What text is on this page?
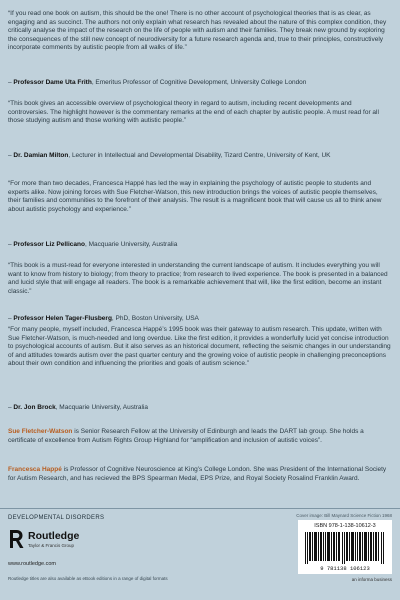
“If you read one book on autism, this should be the one! There is no other account of psychological theories that is as clear, as engaging and as succinct. The authors not only explain what research has revealed about the nature of this complex condition, they critically analyse the impact of the research on the life of people with autism and their families. They break new ground by exploring the consequences of the still new concept of neurodiversity for a future research agenda and, true to their principles, constructively incorporate comments by autistic people from all walks of life.”
– Professor Dame Uta Frith, Emeritus Professor of Cognitive Development, University College London
“This book gives an accessible overview of psychological theory in regard to autism, including recent developments and controversies. The highlight however is the commentary remarks at the end of each chapter by autistic people. A must read for all those studying autism and those working with autistic people.”
– Dr. Damian Milton, Lecturer in Intellectual and Developmental Disability, Tizard Centre, University of Kent, UK
“For more than two decades, Francesca Happé has led the way in explaining the psychology of autistic people to students and experts alike. Now joining forces with Sue Fletcher-Watson, this new introduction brings the voices of autistic people themselves, their families and communities to the forefront of their analysis. The result is a magnificent book that will cause us all to think anew about autistic psychology and experience.”
– Professor Liz Pellicano, Macquarie University, Australia
“This book is a must-read for everyone interested in understanding the current landscape of autism. It includes everything you will want to know from history to biology; from theory to practice; from research to lived experience. The book is presented in a balanced and lucid style that will engage all readers. The book is a remarkable achievement that will, like the first edition, become an instant classic.”
– Professor Helen Tager-Flusberg, PhD, Boston University, USA
“For many people, myself included, Francesca Happé’s 1995 book was their gateway to autism research. This update, written with Sue Fletcher-Watson, is much-needed and long overdue. Like the first edition, it provides a wonderfully lucid yet concise introduction to psychological accounts of autism. But it also serves as an historical document, reflecting the seismic changes in our understanding of and attitudes towards autism over the past quarter century and the growing voice of autistic people in challenging preconceptions about their own condition and influencing the priorities and goals of autism science.”
– Dr. Jon Brock, Macquarie University, Australia
Sue Fletcher-Watson is Senior Research Fellow at the University of Edinburgh and leads the DART lab group. She holds a certificate of excellence from Autism Rights Group Highland for “amplification and inclusion of autistic voices”.
Francesca Happé is Professor of Cognitive Neuroscience at King’s College London. She was President of the International Society for Autism Research, and has recieved the BPS Spearman Medal, EPS Prize, and Royal Society Rosalind Franklin Award.
DEVELOPMENTAL DISORDERS	Cover image: Bill Maynard Science Fiction 1968
Routledge
Taylor & Francis Group
www.routledge.com
Routledge titles are also available as eBook editions in a range of digital formats
ISBN 978-1-138-10612-3
9 781138 106123
an informa business
